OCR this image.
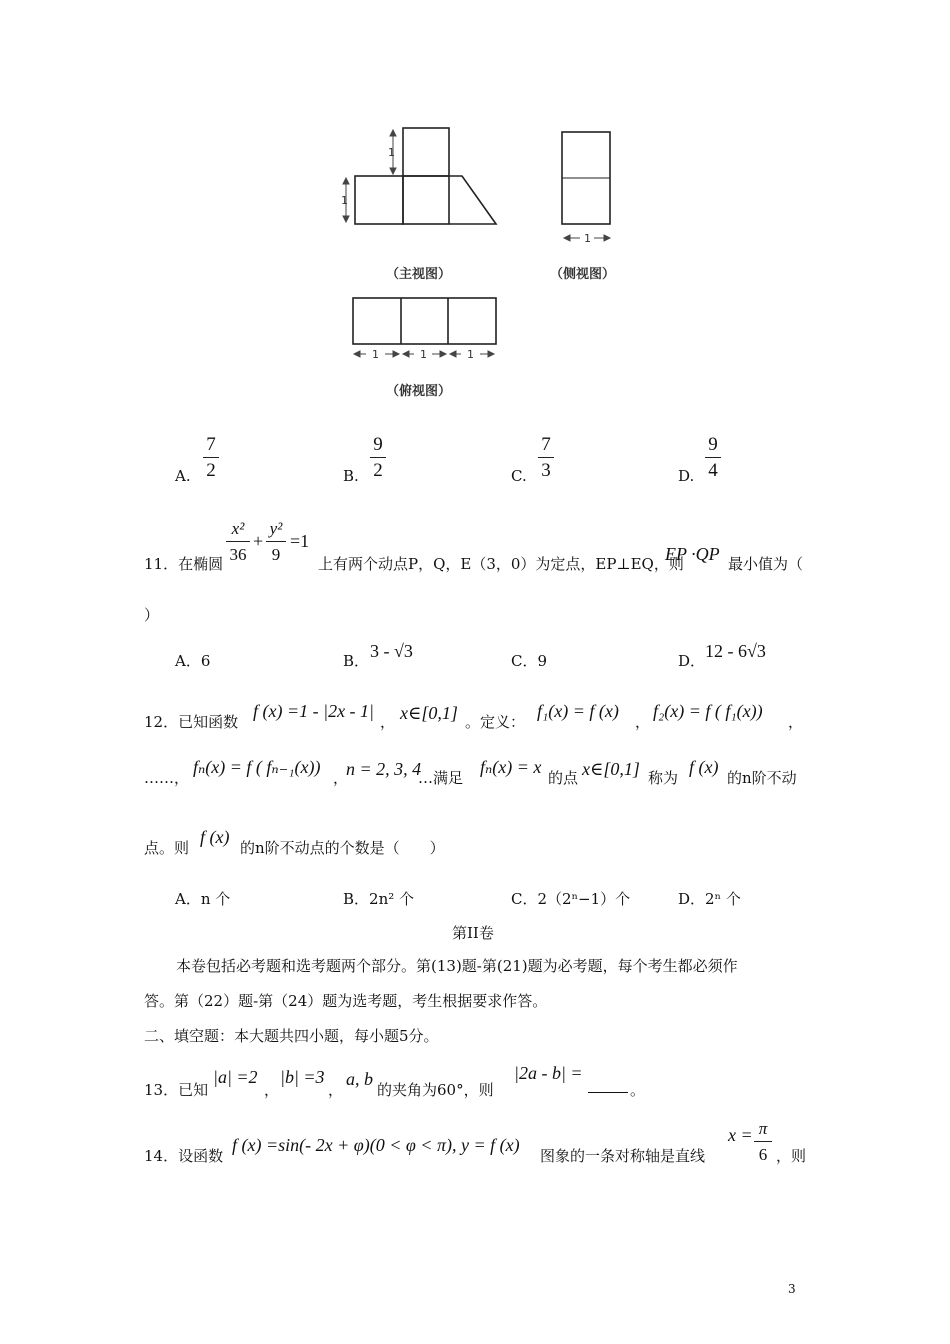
1
1
1
1	1	1
（主视图）	（侧视图）
（俯视图）
A.
7
2	B.
9
2	C.
7
3	D.
9
4
11．在椭圆
x²
36
+
y²
9
=1
上有两个动点P，Q，E（3，0）为定点，EP⊥EQ，则
EP ·QP 最小值为（
）
A．6	B． 3 - √3	C．9	D． 12 - 6√3
12．已知函数
f (x) =1 - |2x - 1|
， x∈[0,1] 。定义：
f₁(x) = f (x)
，
f₂(x) = f ( f₁(x))
，
……，
fₙ(x) = f ( fₙ₋₁(x))
，
n = 2, 3, 4
…满足
fₙ(x) = x
的点 x∈[0,1] 称为
f (x)
的n阶不动
点。则
f (x)
的n阶不动点的个数是（　　）
A．n 个	B．2n² 个	C．2（2ⁿ−1）个	D．2ⁿ 个
第II卷
本卷包括必考题和选考题两个部分。第(13)题-第(21)题为必考题，每个考生都必须作
答。第（22）题-第（24）题为选考题，考生根据要求作答。
二、填空题：本大题共四小题，每小题5分。
13．已知
|a| =2
，
|b| =3
，
a, b
的夹角为60°，则
|2a - b| =
。
14．设函数
f (x) =sin(- 2x + φ)(0 < φ < π), y = f (x)
图象的一条对称轴是直线
x = π
6 ，则
3
